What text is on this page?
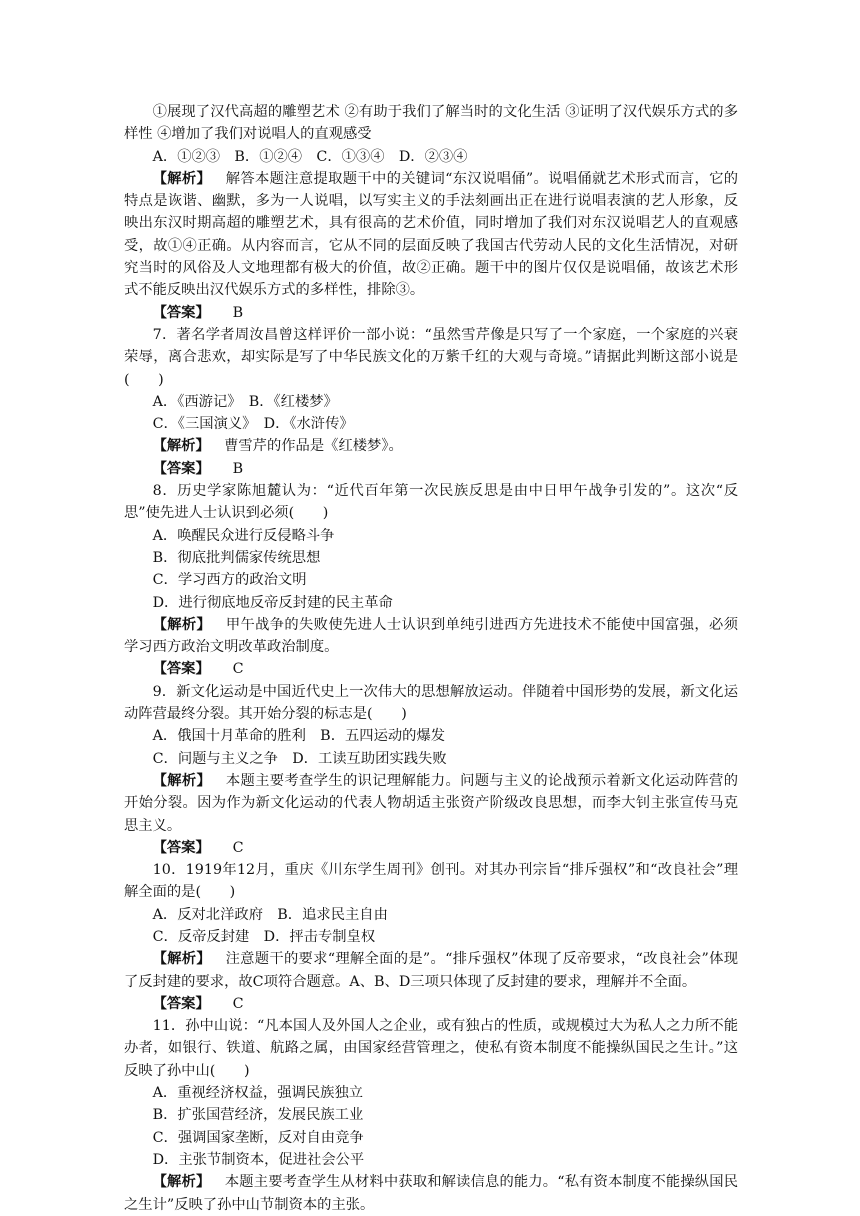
①展现了汉代高超的雕塑艺术 ②有助于我们了解当时的文化生活 ③证明了汉代娱乐方式的多样性 ④增加了我们对说唱人的直观感受

A．①②③　B．①②④　C．①③④　D．②③④

【解析】 解答本题注意提取题干中的关键词“东汉说唱俑”。说唱俑就艺术形式而言，它的特点是诙谐、幽默，多为一人说唱，以写实主义的手法刻画出正在进行说唱表演的艺人形象，反映出东汉时期高超的雕塑艺术，具有很高的艺术价值，同时增加了我们对东汉说唱艺人的直观感受，故①④正确。从内容而言，它从不同的层面反映了我国古代劳动人民的文化生活情况，对研究当时的风俗及人文地理都有极大的价值，故②正确。题干中的图片仅仅是说唱俑，故该艺术形式不能反映出汉代娱乐方式的多样性，排除③。

【答案】 B

7．著名学者周汝昌曾这样评价一部小说：“虽然雪芹像是只写了一个家庭，一个家庭的兴衰荣辱，离合悲欢，却实际是写了中华民族文化的万紫千红的大观与奇境。”请据此判断这部小说是(　　)

A．《西游记》　B．《红楼梦》

C．《三国演义》　D．《水浒传》

【解析】 曹雪芹的作品是《红楼梦》。

【答案】 B

8．历史学家陈旭麓认为：“近代百年第一次民族反思是由中日甲午战争引发的”。这次“反思”使先进人士认识到必须(　　)

A．唤醒民众进行反侵略斗争

B．彻底批判儒家传统思想

C．学习西方的政治文明

D．进行彻底地反帝反封建的民主革命

【解析】 甲午战争的失败使先进人士认识到单纯引进西方先进技术不能使中国富强，必须学习西方政治文明改革政治制度。

【答案】 C

9．新文化运动是中国近代史上一次伟大的思想解放运动。伴随着中国形势的发展，新文化运动阵营最终分裂。其开始分裂的标志是(　　)

A．俄国十月革命的胜利　B．五四运动的爆发

C．问题与主义之争　D．工读互助团实践失败

【解析】 本题主要考查学生的识记理解能力。问题与主义的论战预示着新文化运动阵营的开始分裂。因为作为新文化运动的代表人物胡适主张资产阶级改良思想，而李大钊主张宣传马克思主义。

【答案】 C

10．1919年12月，重庆《川东学生周刊》创刊。对其办刊宗旨“排斥强权”和“改良社会”理解全面的是(　　)

A．反对北洋政府　B．追求民主自由

C．反帝反封建　D．抨击专制皇权

【解析】 注意题干的要求“理解全面的是”。“排斥强权”体现了反帝要求，“改良社会”体现了反封建的要求，故C项符合题意。A、B、D三项只体现了反封建的要求，理解并不全面。

【答案】 C

11．孙中山说：“凡本国人及外国人之企业，或有独占的性质，或规模过大为私人之力所不能办者，如银行、铁道、航路之属，由国家经营管理之，使私有资本制度不能操纵国民之生计。”这反映了孙中山(　　)

A．重视经济权益，强调民族独立

B．扩张国营经济，发展民族工业

C．强调国家垄断，反对自由竞争

D．主张节制资本，促进社会公平

【解析】 本题主要考查学生从材料中获取和解读信息的能力。“私有资本制度不能操纵国民之生计”反映了孙中山节制资本的主张。
